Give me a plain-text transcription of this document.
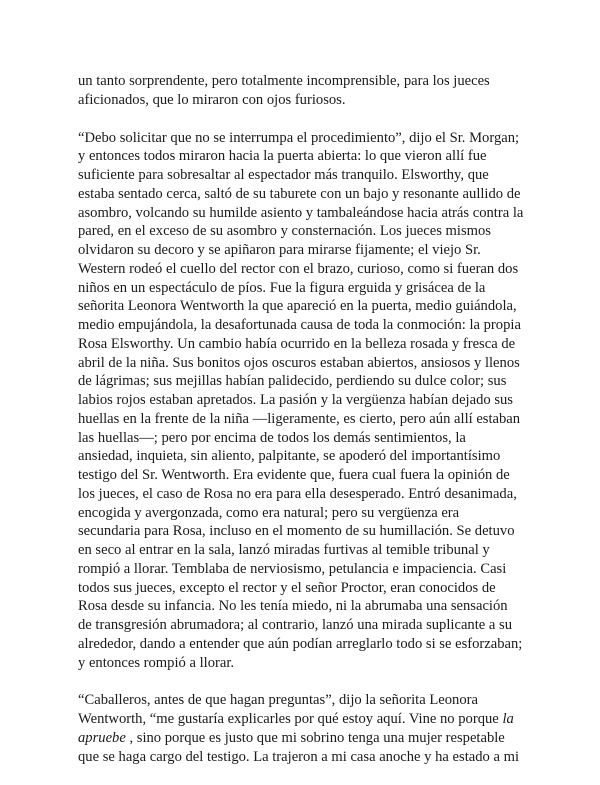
un tanto sorprendente, pero totalmente incomprensible, para los jueces
aficionados, que lo miraron con ojos furiosos.

“Debo solicitar que no se interrumpa el procedimiento”, dijo el Sr. Morgan;
y entonces todos miraron hacia la puerta abierta: lo que vieron allí fue
suficiente para sobresaltar al espectador más tranquilo. Elsworthy, que
estaba sentado cerca, saltó de su taburete con un bajo y resonante aullido de
asombro, volcando su humilde asiento y tambaleándose hacia atrás contra la
pared, en el exceso de su asombro y consternación. Los jueces mismos
olvidaron su decoro y se apiñaron para mirarse fijamente; el viejo Sr.
Western rodeó el cuello del rector con el brazo, curioso, como si fueran dos
niños en un espectáculo de píos. Fue la figura erguida y grisácea de la
señorita Leonora Wentworth la que apareció en la puerta, medio guiándola,
medio empujándola, la desafortunada causa de toda la conmoción: la propia
Rosa Elsworthy. Un cambio había ocurrido en la belleza rosada y fresca de
abril de la niña. Sus bonitos ojos oscuros estaban abiertos, ansiosos y llenos
de lágrimas; sus mejillas habían palidecido, perdiendo su dulce color; sus
labios rojos estaban apretados. La pasión y la vergüenza habían dejado sus
huellas en la frente de la niña —ligeramente, es cierto, pero aún allí estaban
las huellas—; pero por encima de todos los demás sentimientos, la
ansiedad, inquieta, sin aliento, palpitante, se apoderó del importantísimo
testigo del Sr. Wentworth. Era evidente que, fuera cual fuera la opinión de
los jueces, el caso de Rosa no era para ella desesperado. Entró desanimada,
encogida y avergonzada, como era natural; pero su vergüenza era
secundaria para Rosa, incluso en el momento de su humillación. Se detuvo
en seco al entrar en la sala, lanzó miradas furtivas al temible tribunal y
rompió a llorar. Temblaba de nerviosismo, petulancia e impaciencia. Casi
todos sus jueces, excepto el rector y el señor Proctor, eran conocidos de
Rosa desde su infancia. No les tenía miedo, ni la abrumaba una sensación
de transgresión abrumadora; al contrario, lanzó una mirada suplicante a su
alrededor, dando a entender que aún podían arreglarlo todo si se esforzaban;
y entonces rompió a llorar.

“Caballeros, antes de que hagan preguntas”, dijo la señorita Leonora
Wentworth, “me gustaría explicarles por qué estoy aquí. Vine no porque la
apruebe , sino porque es justo que mi sobrino tenga una mujer respetable
que se haga cargo del testigo. La trajeron a mi casa anoche y ha estado a mi
